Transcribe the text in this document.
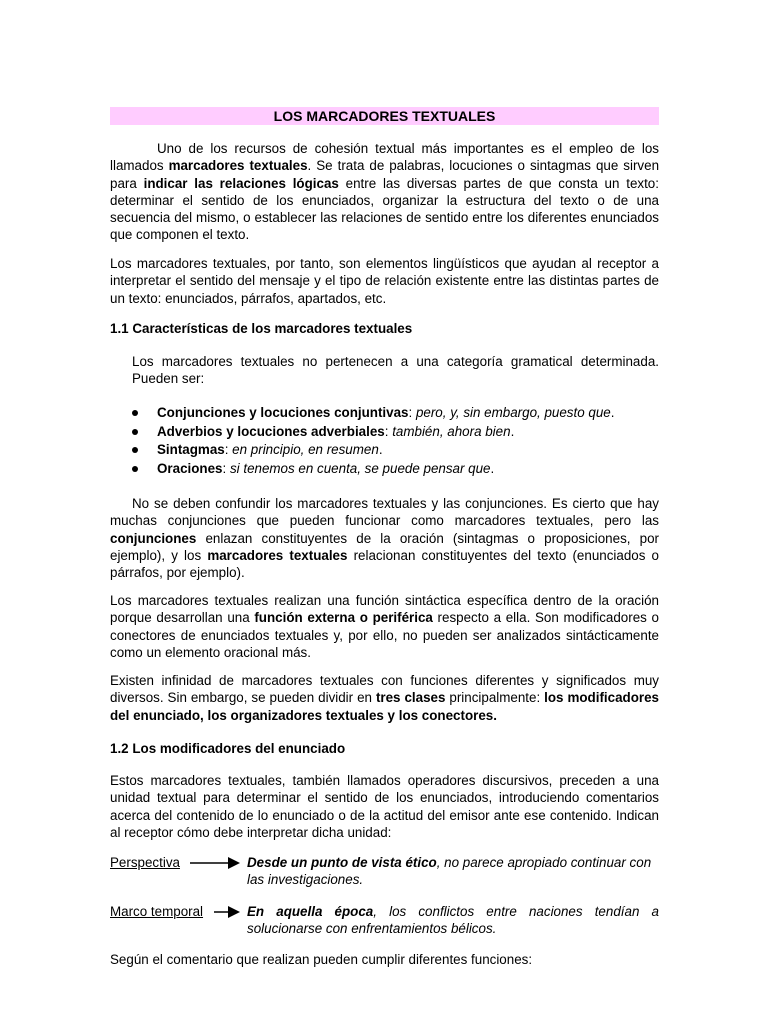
LOS MARCADORES TEXTUALES

Uno de los recursos de cohesión textual más importantes es el empleo de los llamados marcadores textuales. Se trata de palabras, locuciones o sintagmas que sirven para indicar las relaciones lógicas entre las diversas partes de que consta un texto: determinar el sentido de los enunciados, organizar la estructura del texto o de una secuencia del mismo, o establecer las relaciones de sentido entre los diferentes enunciados que componen el texto.

Los marcadores textuales, por tanto, son elementos lingüísticos que ayudan al receptor a interpretar el sentido del mensaje y el tipo de relación existente entre las distintas partes de un texto: enunciados, párrafos, apartados, etc.

1.1 Características de los marcadores textuales

Los marcadores textuales no pertenecen a una categoría gramatical determinada. Pueden ser:

Conjunciones y locuciones conjuntivas: pero, y, sin embargo, puesto que.
Adverbios y locuciones adverbiales: también, ahora bien.
Sintagmas: en principio, en resumen.
Oraciones: si tenemos en cuenta, se puede pensar que.

No se deben confundir los marcadores textuales y las conjunciones. Es cierto que hay muchas conjunciones que pueden funcionar como marcadores textuales, pero las conjunciones enlazan constituyentes de la oración (sintagmas o proposiciones, por ejemplo), y los marcadores textuales relacionan constituyentes del texto (enunciados o párrafos, por ejemplo).

Los marcadores textuales realizan una función sintáctica específica dentro de la oración porque desarrollan una función externa o periférica respecto a ella. Son modificadores o conectores de enunciados textuales y, por ello, no pueden ser analizados sintácticamente como un elemento oracional más.

Existen infinidad de marcadores textuales con funciones diferentes y significados muy diversos. Sin embargo, se pueden dividir en tres clases principalmente: los modificadores del enunciado, los organizadores textuales y los conectores.

1.2 Los modificadores del enunciado

Estos marcadores textuales, también llamados operadores discursivos, preceden a una unidad textual para determinar el sentido de los enunciados, introduciendo comentarios acerca del contenido de lo enunciado o de la actitud del emisor ante ese contenido. Indican al receptor cómo debe interpretar dicha unidad:

Perspectiva	Desde un punto de vista ético, no parece apropiado continuar con las investigaciones.
Marco temporal	En aquella época, los conflictos entre naciones tendían a solucionarse con enfrentamientos bélicos.
Según el comentario que realizan pueden cumplir diferentes funciones:
